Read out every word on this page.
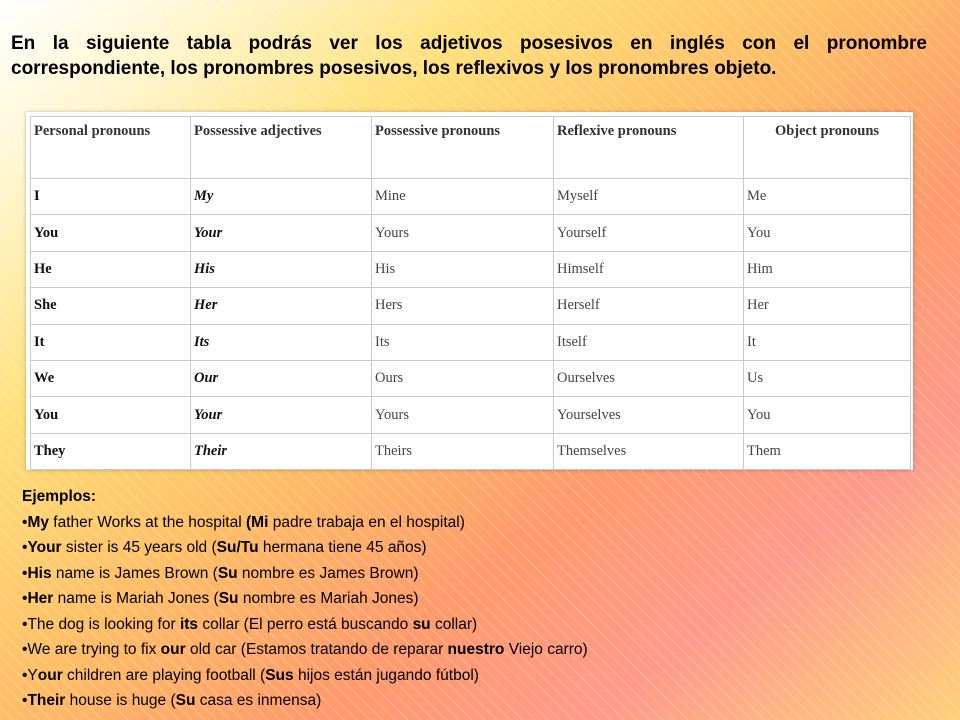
En la siguiente tabla podrás ver los adjetivos posesivos en inglés con el pronombre correspondiente, los pronombres posesivos, los reflexivos y los pronombres objeto.

Personal pronouns	Possessive adjectives	Possessive pronouns	Reflexive pronouns	Object pronouns
I	My	Mine	Myself	Me
You	Your	Yours	Yourself	You
He	His	His	Himself	Him
She	Her	Hers	Herself	Her
It	Its	Its	Itself	It
We	Our	Ours	Ourselves	Us
You	Your	Yours	Yourselves	You
They	Their	Theirs	Themselves	Them
Ejemplos:
•My father Works at the hospital (Mi padre trabaja en el hospital)
•Your sister is 45 years old (Su/Tu hermana tiene 45 años)
•His name is James Brown (Su nombre es James Brown)
•Her name is Mariah Jones (Su nombre es Mariah Jones)
•The dog is looking for its collar (El perro está buscando su collar)
•We are trying to fix our old car (Estamos tratando de reparar nuestro Viejo carro)
•Your children are playing football (Sus hijos están jugando fútbol)
•Their house is huge (Su casa es inmensa)
